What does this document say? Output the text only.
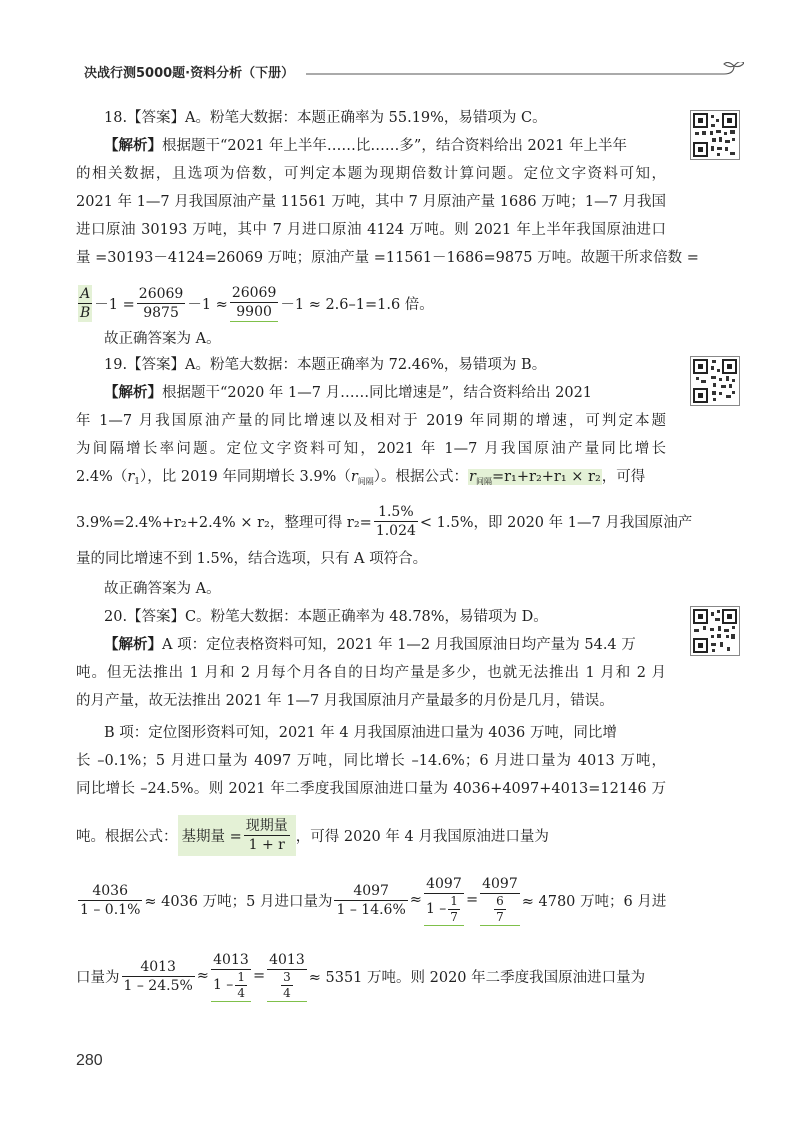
决战行测5000题·资料分析（下册）
18.【答案】A。粉笔大数据：本题正确率为 55.19%，易错项为 C。
【解析】根据题干“2021 年上半年……比……多”，结合资料给出 2021 年上半年
的相关数据，且选项为倍数，可判定本题为现期倍数计算问题。定位文字资料可知，
2021 年 1—7 月我国原油产量 11561 万吨，其中 7 月原油产量 1686 万吨；1—7 月我国
进口原油 30193 万吨，其中 7 月进口原油 4124 万吨。则 2021 年上半年我国原油进口
量 =30193－4124=26069 万吨；原油产量 =11561－1686=9875 万吨。故题干所求倍数 =
$\frac{A}{B} -1 = \frac{26069}{9875} -1 \approx \frac{26069}{9900} -1 \approx 2.6-1=1.6$ 倍。
故正确答案为 A。
19.【答案】A。粉笔大数据：本题正确率为 72.46%，易错项为 B。
【解析】根据题干“2020 年 1—7 月……同比增速是”，结合资料给出 2021
年 1—7 月我国原油产量的同比增速以及相对于 2019 年同期的增速，可判定本题
为间隔增长率问题。定位文字资料可知，2021 年 1—7 月我国原油产量同比增长
$2.4\%(r_1)$，比 2019 年同期增长 $3.9\%(r_{间隔})$。根据公式：$r_{间隔}=r_1+r_2+r_1 \times r_2$，可得
3.9%=2.4%+r₂+2.4% × r₂，整理可得 $r_2= \frac{1.5\%}{1.024} < 1.5\%$，即 2020 年 1—7 月我国原油产
量的同比增速不到 1.5%，结合选项，只有 A 项符合。
故正确答案为 A。
20.【答案】C。粉笔大数据：本题正确率为 48.78%，易错项为 D。
【解析】A 项：定位表格资料可知，2021 年 1—2 月我国原油日均产量为 54.4 万
吨。但无法推出 1 月和 2 月每个月各自的日均产量是多少，也就无法推出 1 月和 2 月
的月产量，故无法推出 2021 年 1—7 月我国原油月产量最多的月份是几月，错误。
B 项：定位图形资料可知，2021 年 4 月我国原油进口量为 4036 万吨，同比增
长 –0.1%；5 月进口量为 4097 万吨，同比增长 –14.6%；6 月进口量为 4013 万吨，
同比增长 –24.5%。则 2021 年二季度我国原油进口量为 4036+4097+4013=12146 万
吨。根据公式： 基期量 = $\frac{\text{现期量}}{1 + r}$ ，可得 2020 年 4 月我国原油进口量为
$\frac{4036}{1 - 0.1\%} \approx 4036$ 万吨；5 月进口量为 $\frac{4097}{1 - 14.6\%} \approx \frac{4097}{1 - \frac{1}{7}} = \frac{4097}{\frac{6}{7}} \approx 4780$ 万吨；6 月进
口量为 $\frac{4013}{1 - 24.5\%} \approx \frac{4013}{1 - \frac{1}{4}} = \frac{4013}{\frac{3}{4}} \approx 5351$ 万吨。则 2020 年二季度我国原油进口量为
280
